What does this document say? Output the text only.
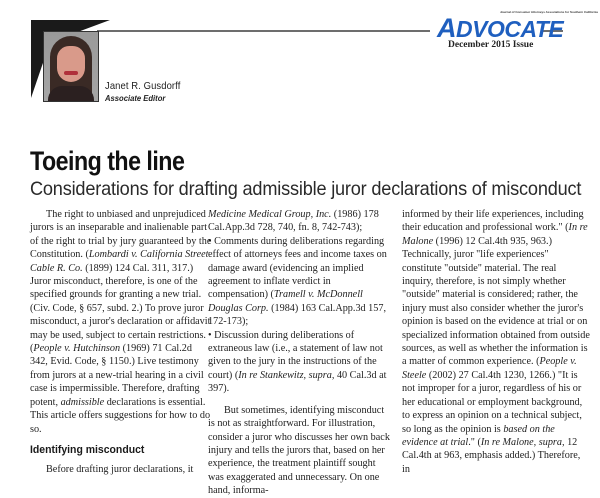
Janet R. Gusdorff
Associate Editor
Journal of Consumer Attorneys Associations for Southern California
ADVOCATE
December 2015 Issue
Toeing the line
Considerations for drafting admissible juror declarations of misconduct

The right to unbiased and unprejudiced jurors is an inseparable and inalienable part of the right to trial by jury guaranteed by the Constitution. (Lombardi v. California Street Cable R. Co. (1899) 124 Cal. 311, 317.) Juror misconduct, therefore, is one of the specified grounds for granting a new trial. (Civ. Code, § 657, subd. 2.) To prove juror misconduct, a juror's declaration or affidavit may be used, subject to certain restrictions. (People v. Hutchinson (1969) 71 Cal.2d 342, Evid. Code, § 1150.) Live testimony from jurors at a new-trial hearing in a civil case is impermissible. Therefore, drafting potent, admissible declarations is essential. This article offers suggestions for how to do so.

Identifying misconduct

Before drafting juror declarations, it

Medicine Medical Group, Inc. (1986) 178 Cal.App.3d 728, 740, fn. 8, 742-743);

• Comments during deliberations regarding effect of attorneys fees and income taxes on damage award (evidencing an implied agreement to inflate verdict in compensation) (Tramell v. McDonnell Douglas Corp. (1984) 163 Cal.App.3d 157, 172-173);

• Discussion during deliberations of extraneous law (i.e., a statement of law not given to the jury in the instructions of the court) (In re Stankewitz, supra, 40 Cal.3d at 397).

But sometimes, identifying misconduct is not as straightforward. For illustration, consider a juror who discusses her own back injury and tells the jurors that, based on her experience, the treatment plaintiff sought was exaggerated and unnecessary. On one hand, informa-

informed by their life experiences, including their education and professional work." (In re Malone (1996) 12 Cal.4th 935, 963.) Technically, juror "life experiences" constitute "outside" material. The real inquiry, therefore, is not simply whether "outside" material is considered; rather, the injury must also consider whether the juror's opinion is based on the evidence at trial or on specialized information obtained from outside sources, as well as whether the information is a matter of common experience. (People v. Steele (2002) 27 Cal.4th 1230, 1266.) "It is not improper for a juror, regardless of his or her educational or employment background, to express an opinion on a technical subject, so long as the opinion is based on the evidence at trial." (In re Malone, supra, 12 Cal.4th at 963, emphasis added.) Therefore, in
